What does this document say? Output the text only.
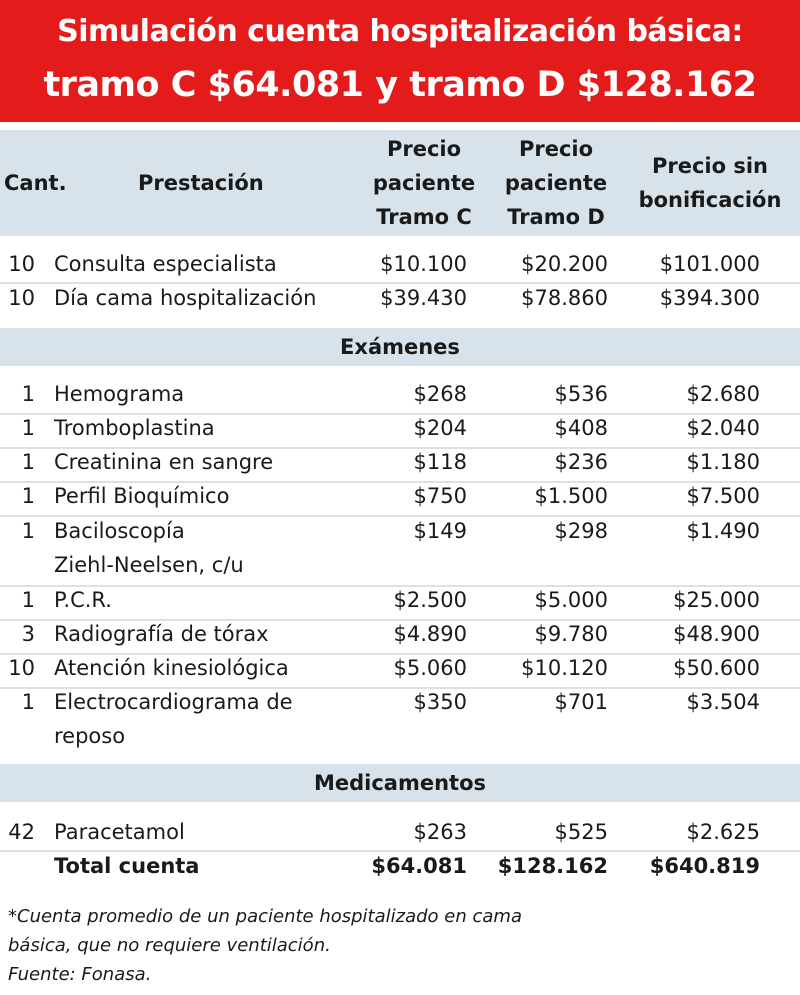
Simulación cuenta hospitalización básica:
tramo C $64.081 y tramo D $128.162
Cant.	Prestación
Precio
paciente
Tramo C
Precio
paciente
Tramo D
Precio sin
bonificación
10 Consulta especialista	$10.100	$20.200 $101.000
10 Día cama hospitalización	$39.430	$78.860 $394.300
Exámenes
1 Hemograma	$268	$536	$2.680
1 Tromboplastina	$204	$408	$2.040
1 Creatinina en sangre	$118	$236	$1.180
1 Perfil Bioquímico	$750	$1.500	$7.500
1 Baciloscopía
Ziehl-Neelsen, c/u
$149	$298	$1.490
1 P.C.R.	$2.500	$5.000	$25.000
3 Radiografía de tórax	$4.890	$9.780	$48.900
10 Atención kinesiológica	$5.060	$10.120	$50.600
1 Electrocardiograma de
reposo
$350	$701	$3.504
Medicamentos
42 Paracetamol	$263	$525	$2.625
Total cuenta	$64.081 $128.162 $640.819
*Cuenta promedio de un paciente hospitalizado en cama
básica, que no requiere ventilación.
Fuente: Fonasa.
